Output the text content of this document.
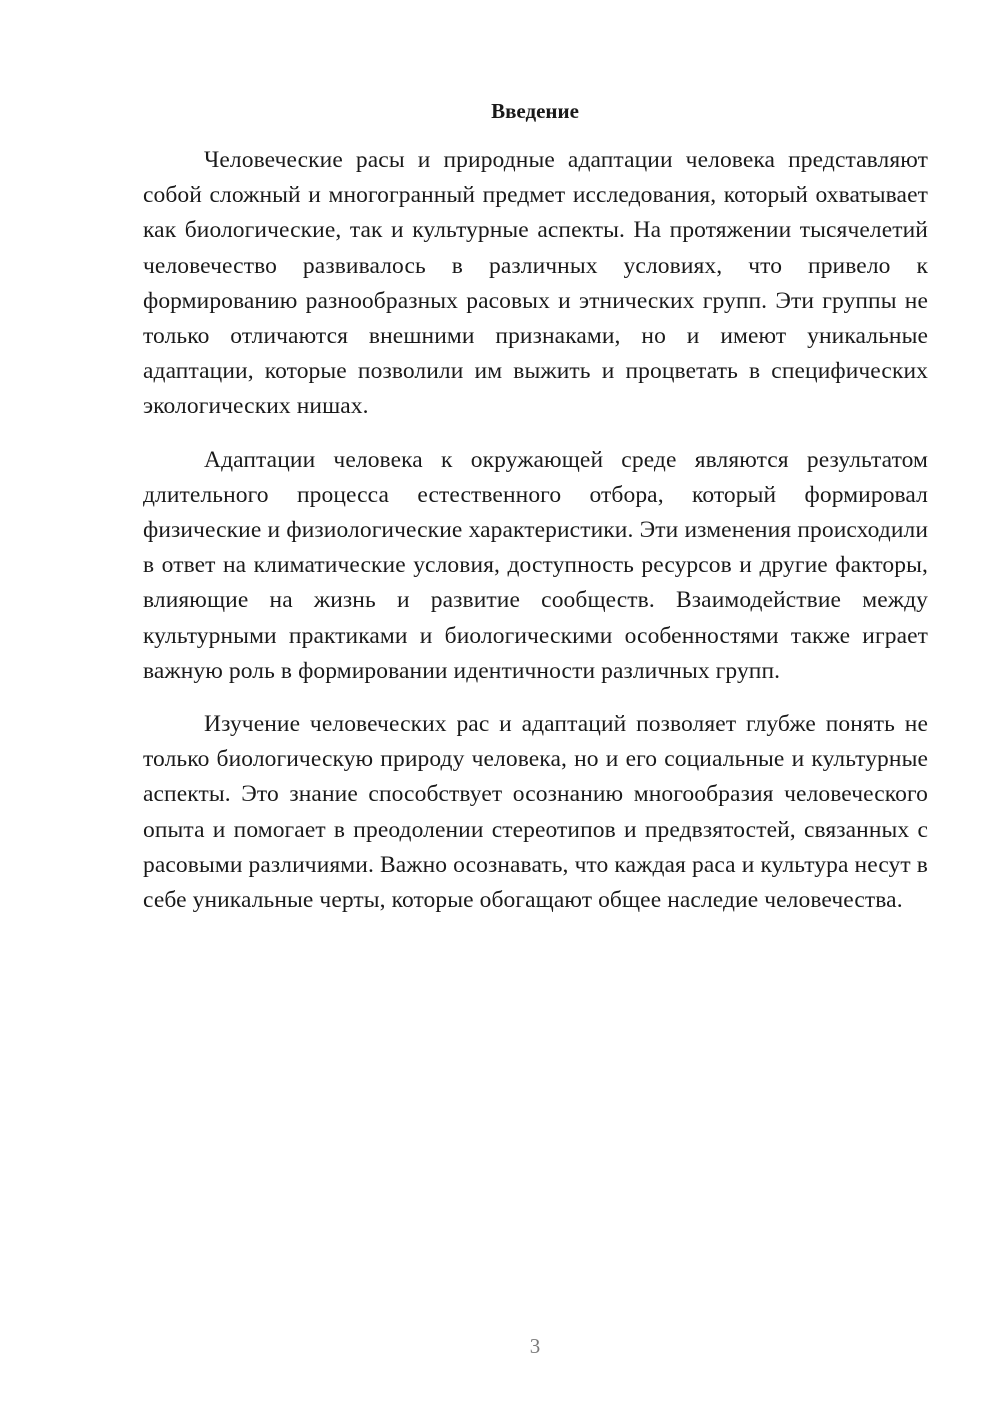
Введение

Человеческие расы и природные адаптации человека представляют собой сложный и многогранный предмет исследования, который охватывает как биологические, так и культурные аспекты. На протяжении тысячелетий человечество развивалось в различных условиях, что привело к формированию разнообразных расовых и этнических групп. Эти группы не только отличаются внешними признаками, но и имеют уникальные адаптации, которые позволили им выжить и процветать в специфических экологических нишах.

Адаптации человека к окружающей среде являются результатом длительного процесса естественного отбора, который формировал физические и физиологические характеристики. Эти изменения происходили в ответ на климатические условия, доступность ресурсов и другие факторы, влияющие на жизнь и развитие сообществ. Взаимодействие между культурными практиками и биологическими особенностями также играет важную роль в формировании идентичности различных групп.

Изучение человеческих рас и адаптаций позволяет глубже понять не только биологическую природу человека, но и его социальные и культурные аспекты. Это знание способствует осознанию многообразия человеческого опыта и помогает в преодолении стереотипов и предвзятостей, связанных с расовыми различиями. Важно осознавать, что каждая раса и культура несут в себе уникальные черты, которые обогащают общее наследие человечества.

3
